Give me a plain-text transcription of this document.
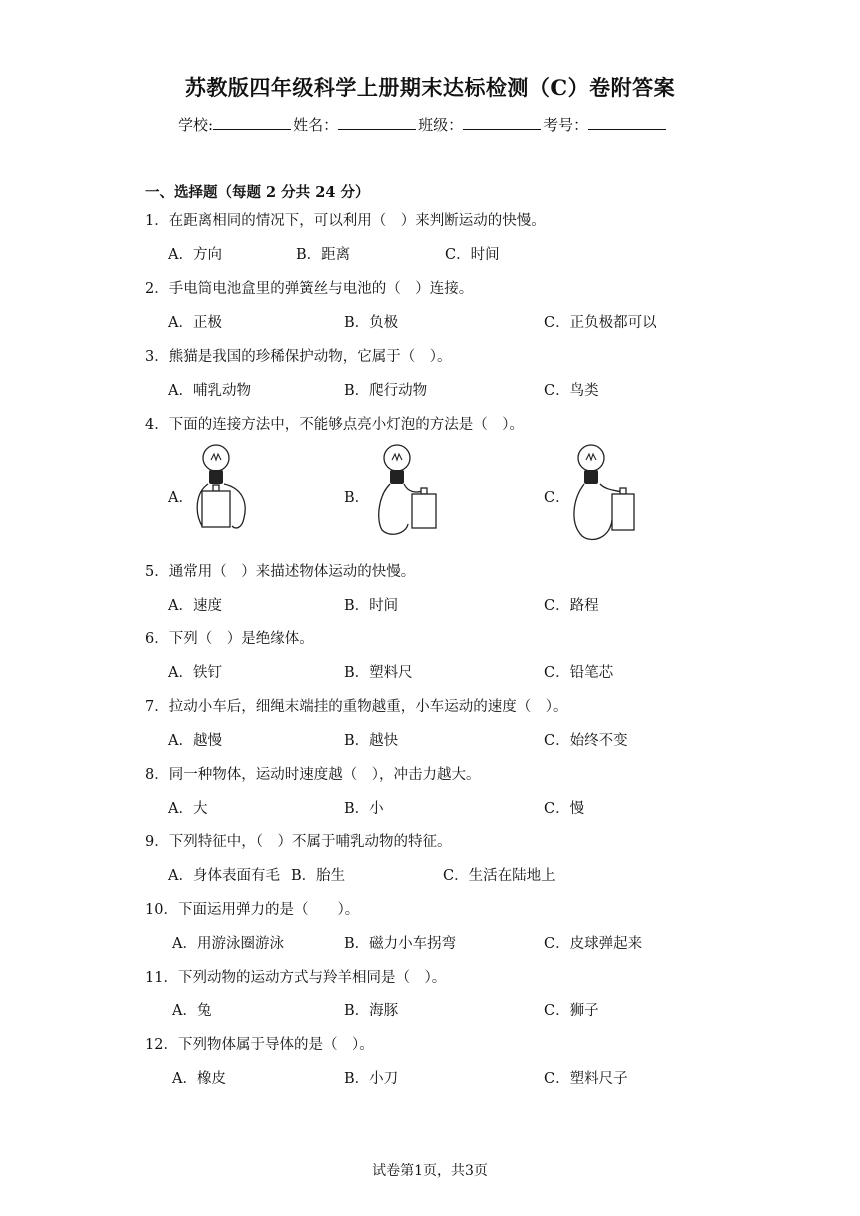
苏教版四年级科学上册期末达标检测（C）卷附答案
学校:	姓名：	班级：	考号：
一、选择题（每题 2 分共 24 分）
1．在距离相同的情况下，可以利用（　）来判断运动的快慢。
A．方向	B．距离	C．时间
2．手电筒电池盒里的弹簧丝与电池的（　）连接。
A．正极	B．负极	C．正负极都可以
3．熊猫是我国的珍稀保护动物，它属于（　）。
A．哺乳动物	B．爬行动物	C．鸟类
4．下面的连接方法中，不能够点亮小灯泡的方法是（　）。
A．	B．	C．
5．通常用（　）来描述物体运动的快慢。
A．速度	B．时间	C．路程
6．下列（　）是绝缘体。
A．铁钉	B．塑料尺	C．铅笔芯
7．拉动小车后，细绳末端挂的重物越重，小车运动的速度（　）。
A．越慢	B．越快	C．始终不变
8．同一种物体，运动时速度越（　），冲击力越大。
A．大	B．小	C．慢
9．下列特征中，（　）不属于哺乳动物的特征。
A．身体表面有毛 B．胎生	C．生活在陆地上
10．下面运用弹力的是（　　）。
A．用游泳圈游泳	B．磁力小车拐弯	C．皮球弹起来
11．下列动物的运动方式与羚羊相同是（　）。
A．兔	B．海豚	C．狮子
12．下列物体属于导体的是（　）。
A．橡皮	B．小刀	C．塑料尺子
试卷第1页，共3页
